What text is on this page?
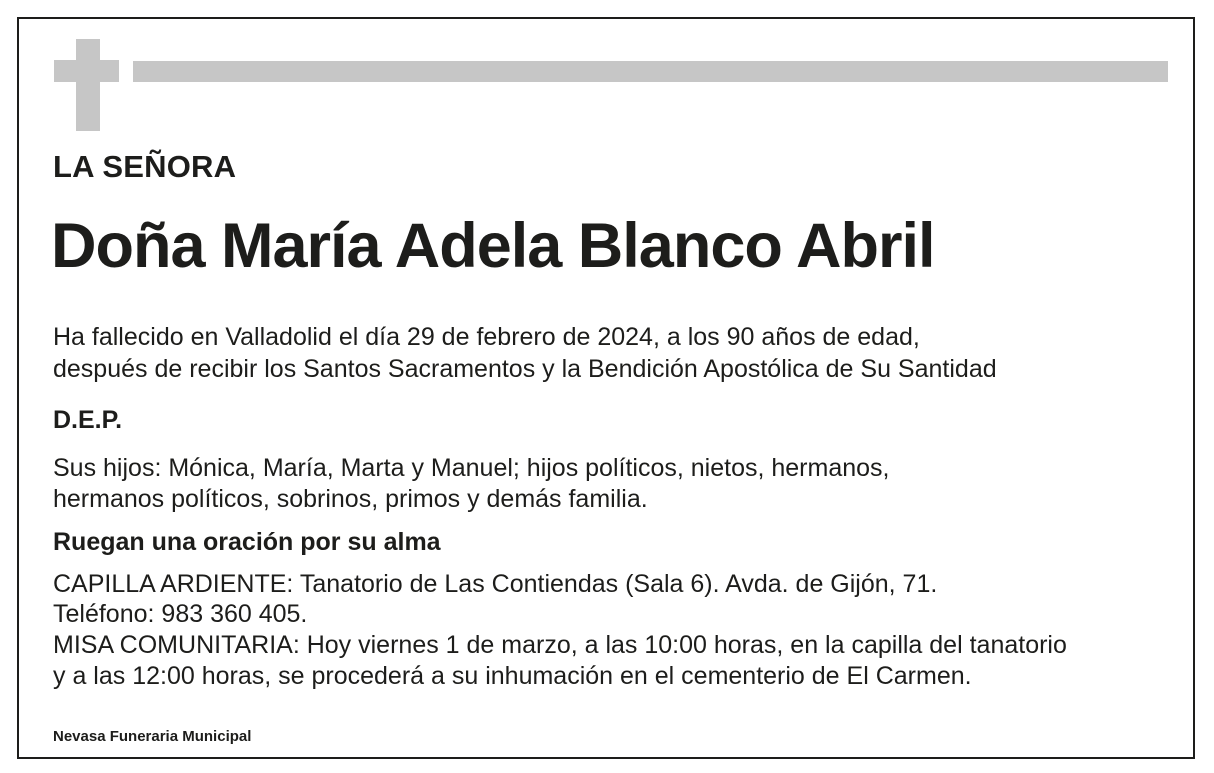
LA SEÑORA

Doña María Adela Blanco Abril

Ha fallecido en Valladolid el día 29 de febrero de 2024, a los 90 años de edad,

después de recibir los Santos Sacramentos y la Bendición Apostólica de Su Santidad

D.E.P.

Sus hijos: Mónica, María, Marta y Manuel; hijos políticos, nietos, hermanos,

hermanos políticos, sobrinos, primos y demás familia.

Ruegan una oración por su alma

CAPILLA ARDIENTE: Tanatorio de Las Contiendas (Sala 6). Avda. de Gijón, 71.

Teléfono: 983 360 405.

MISA COMUNITARIA: Hoy viernes 1 de marzo, a las 10:00 horas, en la capilla del tanatorio

y a las 12:00 horas, se procederá a su inhumación en el cementerio de El Carmen.

Nevasa Funeraria Municipal
